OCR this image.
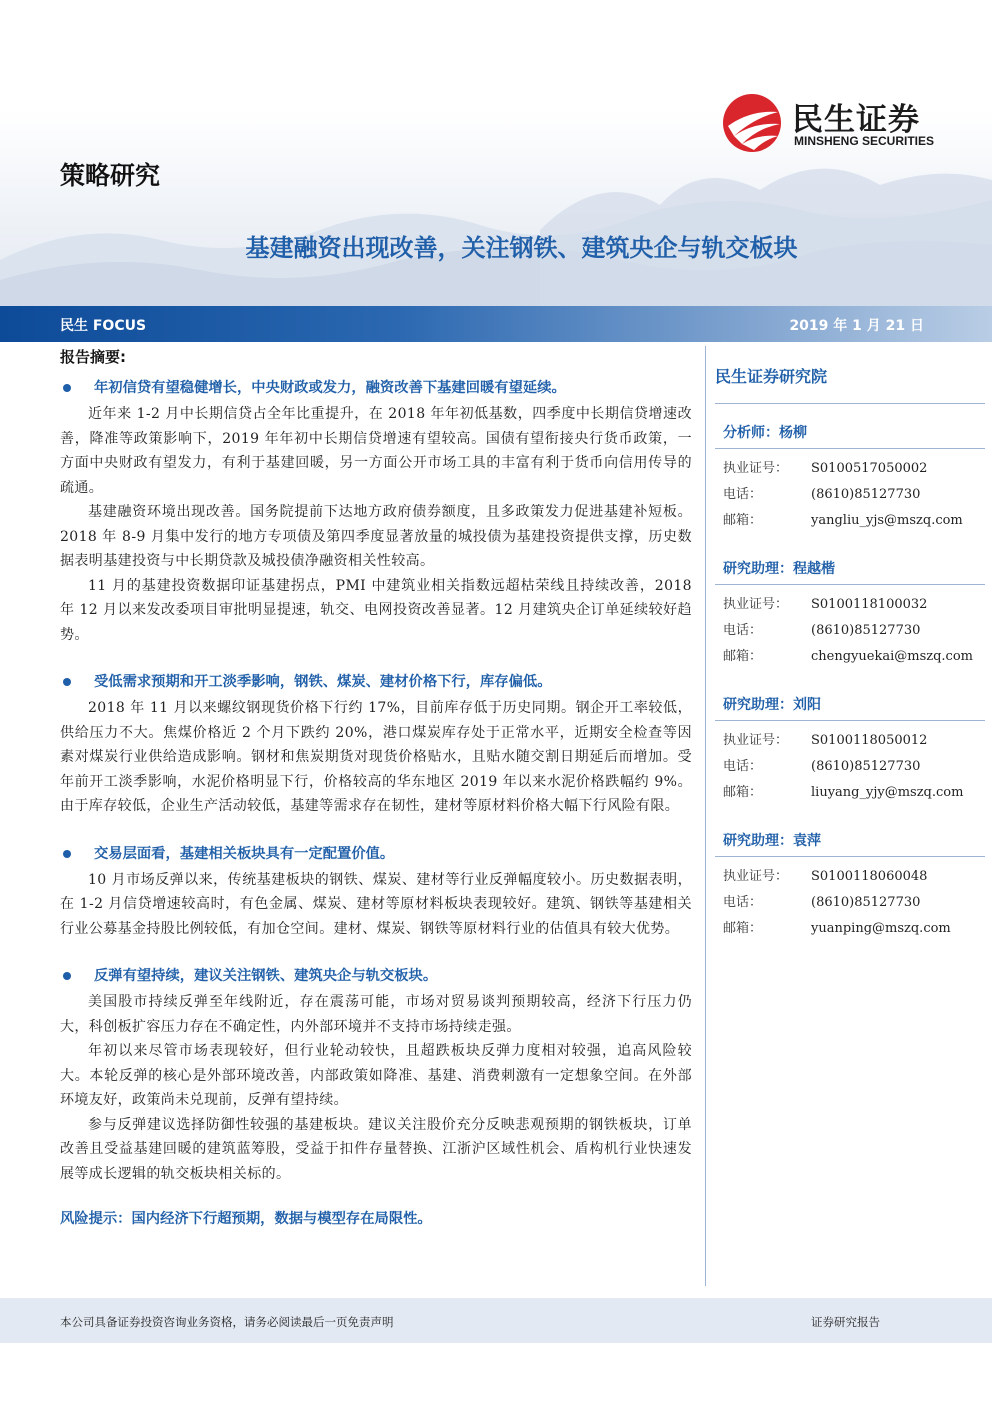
民生证券
MINSHENG SECURITIES
策略研究
基建融资出现改善，关注钢铁、建筑央企与轨交板块
民生 FOCUS	2019 年 1 月 21 日
报告摘要:
年初信贷有望稳健增长，中央财政或发力，融资改善下基建回暖有望延续。

近年来 1-2 月中长期信贷占全年比重提升，在 2018 年年初低基数，四季度中长期信贷增速改善，降准等政策影响下，2019 年年初中长期信贷增速有望较高。国债有望衔接央行货币政策，一方面中央财政有望发力，有利于基建回暖，另一方面公开市场工具的丰富有利于货币向信用传导的疏通。

基建融资环境出现改善。国务院提前下达地方政府债券额度，且多政策发力促进基建补短板。2018 年 8-9 月集中发行的地方专项债及第四季度显著放量的城投债为基建投资提供支撑，历史数据表明基建投资与中长期贷款及城投债净融资相关性较高。

11 月的基建投资数据印证基建拐点，PMI 中建筑业相关指数远超枯荣线且持续改善，2018 年 12 月以来发改委项目审批明显提速，轨交、电网投资改善显著。12 月建筑央企订单延续较好趋势。

受低需求预期和开工淡季影响，钢铁、煤炭、建材价格下行，库存偏低。

2018 年 11 月以来螺纹钢现货价格下行约 17%，目前库存低于历史同期。钢企开工率较低，供给压力不大。焦煤价格近 2 个月下跌约 20%，港口煤炭库存处于正常水平，近期安全检查等因素对煤炭行业供给造成影响。钢材和焦炭期货对现货价格贴水，且贴水随交割日期延后而增加。受年前开工淡季影响，水泥价格明显下行，价格较高的华东地区 2019 年以来水泥价格跌幅约 9%。由于库存较低，企业生产活动较低，基建等需求存在韧性，建材等原材料价格大幅下行风险有限。

交易层面看，基建相关板块具有一定配置价值。

10 月市场反弹以来，传统基建板块的钢铁、煤炭、建材等行业反弹幅度较小。历史数据表明，在 1-2 月信贷增速较高时，有色金属、煤炭、建材等原材料板块表现较好。建筑、钢铁等基建相关行业公募基金持股比例较低，有加仓空间。建材、煤炭、钢铁等原材料行业的估值具有较大优势。

反弹有望持续，建议关注钢铁、建筑央企与轨交板块。

美国股市持续反弹至年线附近，存在震荡可能，市场对贸易谈判预期较高，经济下行压力仍大，科创板扩容压力存在不确定性，内外部环境并不支持市场持续走强。

年初以来尽管市场表现较好，但行业轮动较快，且超跌板块反弹力度相对较强，追高风险较大。本轮反弹的核心是外部环境改善，内部政策如降准、基建、消费刺激有一定想象空间。在外部环境友好，政策尚未兑现前，反弹有望持续。

参与反弹建议选择防御性较强的基建板块。建议关注股价充分反映悲观预期的钢铁板块，订单改善且受益基建回暖的建筑蓝筹股，受益于扣件存量替换、江浙沪区域性机会、盾构机行业快速发展等成长逻辑的轨交板块相关标的。

风险提示：国内经济下行超预期，数据与模型存在局限性。
民生证券研究院
分析师：杨柳
执业证号：	S0100517050002
电话：	(8610)85127730
邮箱：	yangliu_yjs@mszq.com
研究助理：程越楷
执业证号：	S0100118100032
电话：	(8610)85127730
邮箱：	chengyuekai@mszq.com
研究助理：刘阳
执业证号：	S0100118050012
电话：	(8610)85127730
邮箱：	liuyang_yjy@mszq.com
研究助理：袁萍
执业证号：	S0100118060048
电话：	(8610)85127730
邮箱：	yuanping@mszq.com
本公司具备证券投资咨询业务资格，请务必阅读最后一页免责声明	证券研究报告
